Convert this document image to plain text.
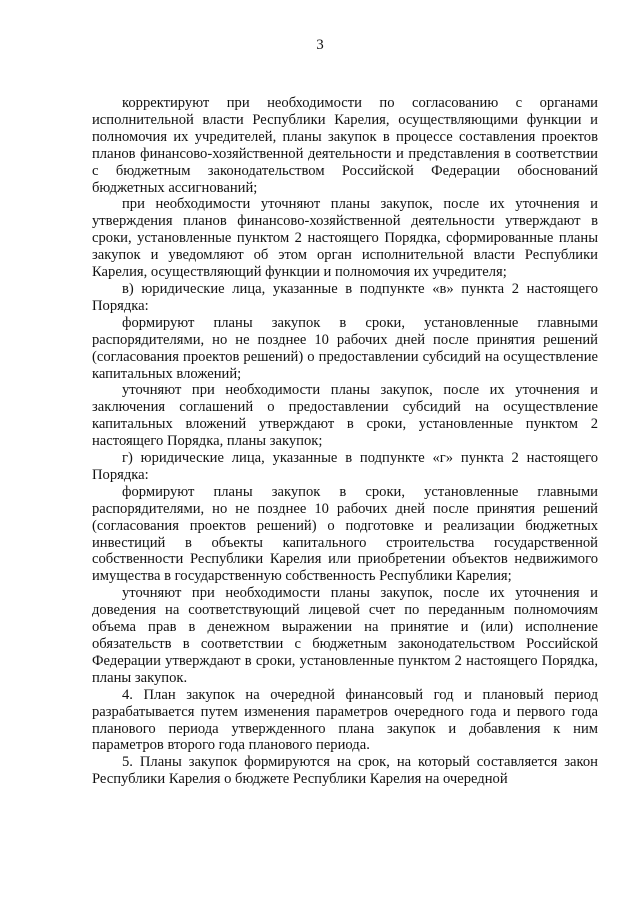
3

корректируют при необходимости по согласованию с органами исполнительной власти Республики Карелия, осуществляющими функции и полномочия их учредителей, планы закупок в процессе составления проектов планов финансово-хозяйственной деятельности и представления в соответствии с бюджетным законодательством Российской Федерации обоснований бюджетных ассигнований;

при необходимости уточняют планы закупок, после их уточнения и утверждения планов финансово-хозяйственной деятельности утверждают в сроки, установленные пунктом 2 настоящего Порядка, сформированные планы закупок и уведомляют об этом орган исполнительной власти Республики Карелия, осуществляющий функции и полномочия их учредителя;

в) юридические лица, указанные в подпункте «в» пункта 2 настоящего Порядка:

формируют планы закупок в сроки, установленные главными распорядителями, но не позднее 10 рабочих дней после принятия решений (согласования проектов решений) о предоставлении субсидий на осуществление капитальных вложений;

уточняют при необходимости планы закупок, после их уточнения и заключения соглашений о предоставлении субсидий на осуществление капитальных вложений утверждают в сроки, установленные пунктом 2 настоящего Порядка, планы закупок;

г) юридические лица, указанные в подпункте «г» пункта 2 настоящего Порядка:

формируют планы закупок в сроки, установленные главными распорядителями, но не позднее 10 рабочих дней после принятия решений (согласования проектов решений) о подготовке и реализации бюджетных инвестиций в объекты капитального строительства государственной собственности Республики Карелия или приобретении объектов недвижимого имущества в государственную собственность Республики Карелия;

уточняют при необходимости планы закупок, после их уточнения и доведения на соответствующий лицевой счет по переданным полномочиям объема прав в денежном выражении на принятие и (или) исполнение обязательств в соответствии с бюджетным законодательством Российской Федерации утверждают в сроки, установленные пунктом 2 настоящего Порядка, планы закупок.

4. План закупок на очередной финансовый год и плановый период разрабатывается путем изменения параметров очередного года и первого года планового периода утвержденного плана закупок и добавления к ним параметров второго года планового периода.

5. Планы закупок формируются на срок, на который составляется закон Республики Карелия о бюджете Республики Карелия на очередной
